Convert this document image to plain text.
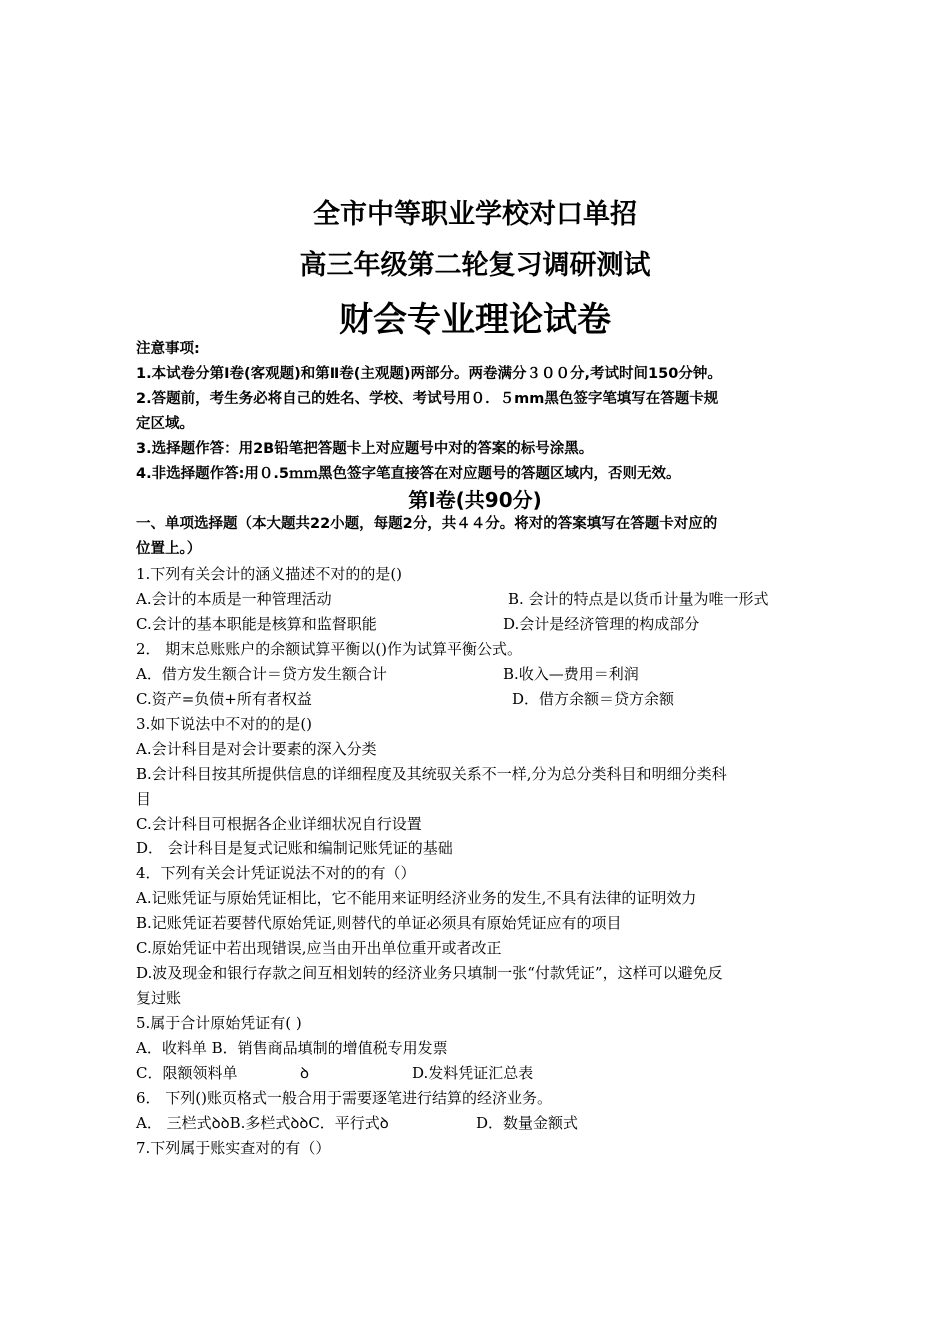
全市中等职业学校对口单招
高三年级第二轮复习调研测试
财会专业理论试卷
注意事项:
1.本试卷分第Ⅰ卷(客观题)和第Ⅱ卷(主观题)两部分。两卷满分３００分,考试时间150分钟。
2.答题前，考生务必将自己的姓名、学校、考试号用０．５mm黑色签字笔填写在答题卡规
定区域。
3.选择题作答：用2B铅笔把答题卡上对应题号中对的答案的标号涂黑。
4.非选择题作答:用０.5ｍｍ黑色签字笔直接答在对应题号的答题区域内，否则无效。
第Ⅰ卷(共90分)
一、单项选择题（本大题共22小题，每题2分，共４４分。将对的答案填写在答题卡对应的
位置上。）
1.下列有关会计的涵义描述不对的的是()
A.会计的本质是一种管理活动	B. 会计的特点是以货币计量为唯一形式
C.会计的基本职能是核算和监督职能	D.会计是经济管理的构成部分
2． 期末总账账户的余额试算平衡以()作为试算平衡公式。
A．借方发生额合计＝贷方发生额合计	B.收入—费用＝利润
C.资产=负债+所有者权益	D．借方余额＝贷方余额
3.如下说法中不对的的是()
A.会计科目是对会计要素的深入分类
B.会计科目按其所提供信息的详细程度及其统驭关系不一样,分为总分类科目和明细分类科
目
C.会计科目可根据各企业详细状况自行设置
D． 会计科目是复式记账和编制记账凭证的基础
4．下列有关会计凭证说法不对的的有（）
A.记账凭证与原始凭证相比，它不能用来证明经济业务的发生,不具有法律的证明效力
B.记账凭证若要替代原始凭证,则替代的单证必须具有原始凭证应有的项目
C.原始凭证中若出现错误,应当由开出单位重开或者改正
D.波及现金和银行存款之间互相划转的经济业务只填制一张“付款凭证”，这样可以避免反
复过账
5.属于合计原始凭证有( )
A．收料单 B．销售商品填制的增值税专用发票
C．限额领料单	ꝺ	D.发料凭证汇总表
6． 下列()账页格式一般合用于需要逐笔进行结算的经济业务。
A． 三栏式ꝺꝺB.多栏式ꝺꝺC．平行式ꝺ	D．数量金额式
7.下列属于账实查对的有（）
